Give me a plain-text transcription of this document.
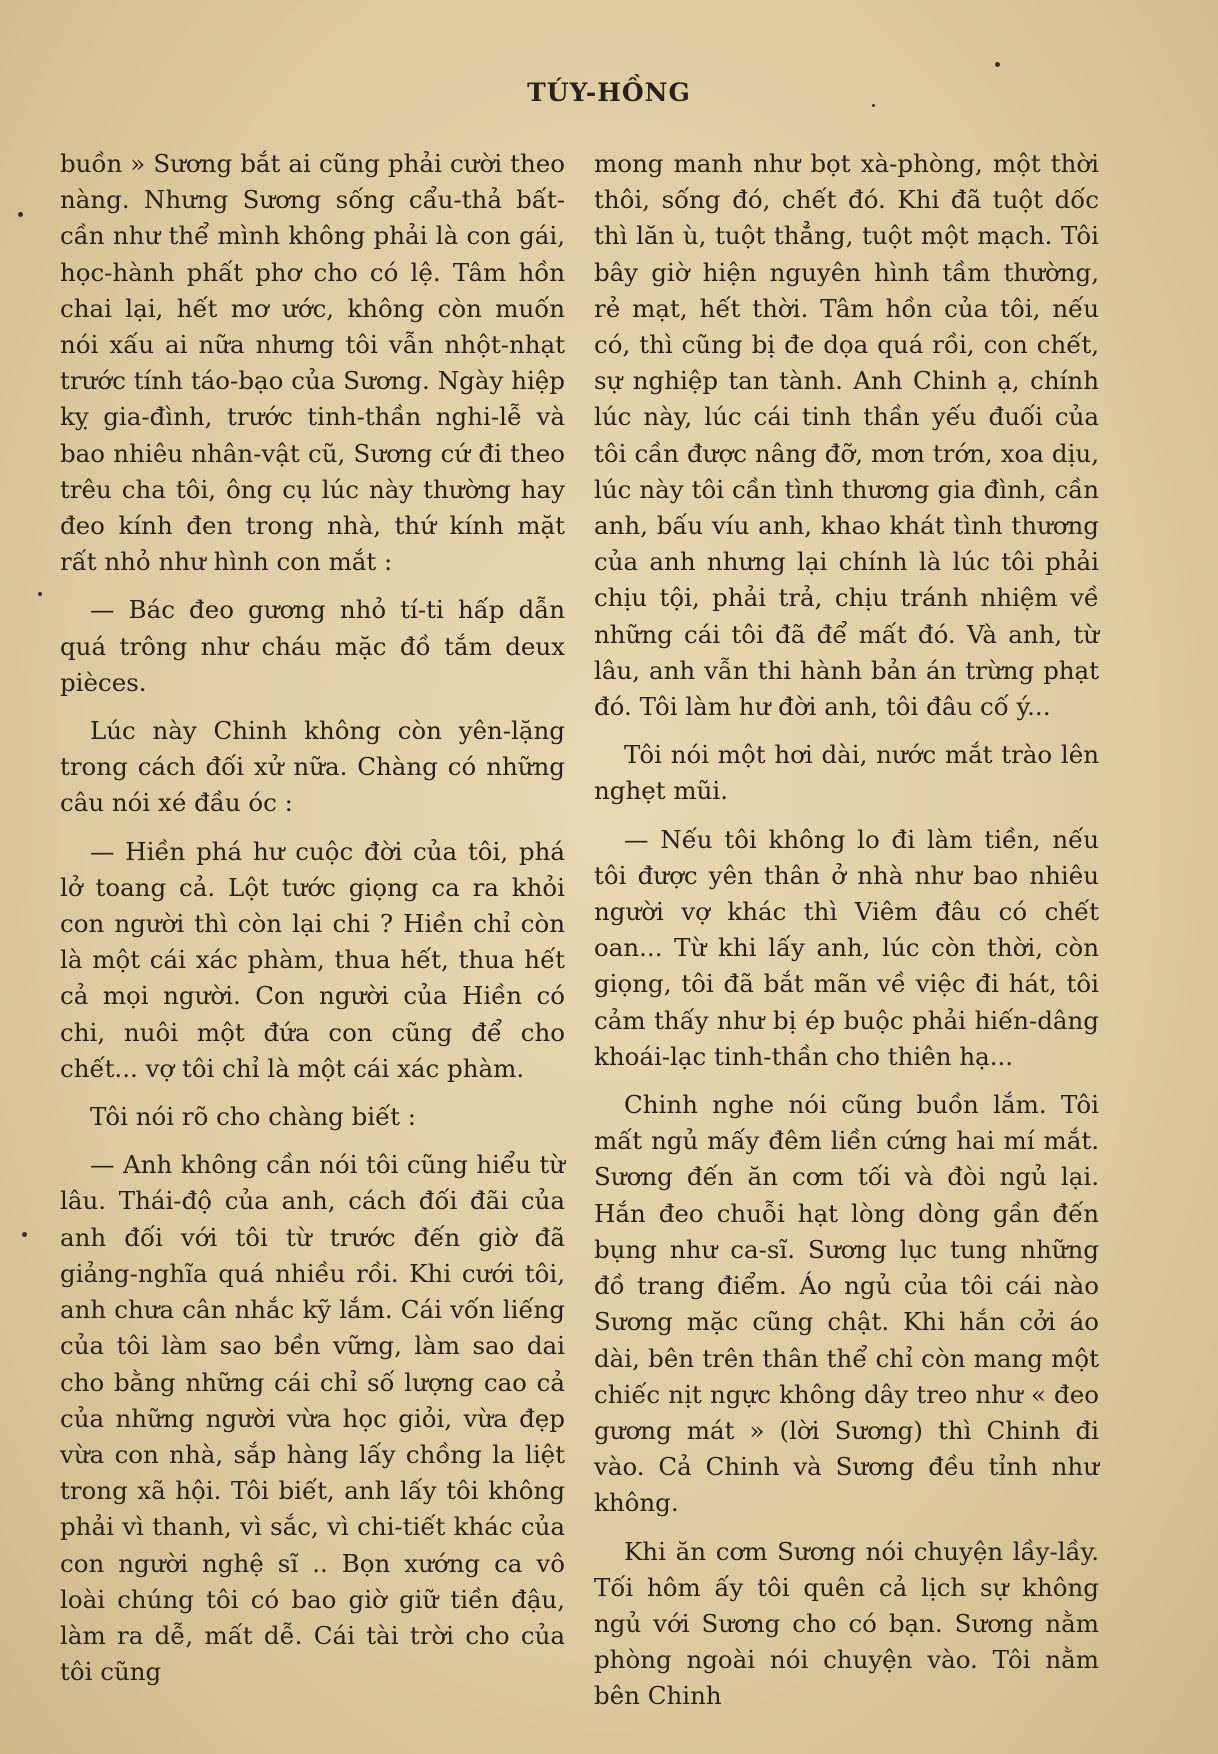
TÚY-HỒNG

buồn » Sương bắt ai cũng phải cười theo nàng. Nhưng Sương sống cẩu-thả bất-cần như thể mình không phải là con gái, học-hành phất phơ cho có lệ. Tâm hồn chai lại, hết mơ ước, không còn muốn nói xấu ai nữa nhưng tôi vẫn nhột-nhạt trước tính táo-bạo của Sương. Ngày hiệp kỵ gia-đình, trước tinh-thần nghi-lễ và bao nhiêu nhân-vật cũ, Sương cứ đi theo trêu cha tôi, ông cụ lúc này thường hay đeo kính đen trong nhà, thứ kính mặt rất nhỏ như hình con mắt :

— Bác đeo gương nhỏ tí-ti hấp dẫn quá trông như cháu mặc đồ tắm deux pièces.

Lúc này Chinh không còn yên-lặng trong cách đối xử nữa. Chàng có những câu nói xé đầu óc :

— Hiền phá hư cuộc đời của tôi, phá lở toang cả. Lột tước giọng ca ra khỏi con người thì còn lại chi ? Hiền chỉ còn là một cái xác phàm, thua hết, thua hết cả mọi người. Con người của Hiền có chi, nuôi một đứa con cũng để cho chết... vợ tôi chỉ là một cái xác phàm.

Tôi nói rõ cho chàng biết :

— Anh không cần nói tôi cũng hiểu từ lâu. Thái-độ của anh, cách đối đãi của anh đối với tôi từ trước đến giờ đã giảng-nghĩa quá nhiều rồi. Khi cưới tôi, anh chưa cân nhắc kỹ lắm. Cái vốn liếng của tôi làm sao bền vững, làm sao dai cho bằng những cái chỉ số lượng cao cả của những người vừa học giỏi, vừa đẹp vừa con nhà, sắp hàng lấy chồng la liệt trong xã hội. Tôi biết, anh lấy tôi không phải vì thanh, vì sắc, vì chi-tiết khác của con người nghệ sĩ .. Bọn xướng ca vô loài chúng tôi có bao giờ giữ tiền đậu, làm ra dễ, mất dễ. Cái tài trời cho của tôi cũng

mong manh như bọt xà-phòng, một thời thôi, sống đó, chết đó. Khi đã tuột dốc thì lăn ù, tuột thẳng, tuột một mạch. Tôi bây giờ hiện nguyên hình tầm thường, rẻ mạt, hết thời. Tâm hồn của tôi, nếu có, thì cũng bị đe dọa quá rồi, con chết, sự nghiệp tan tành. Anh Chinh ạ, chính lúc này, lúc cái tinh thần yếu đuối của tôi cần được nâng đỡ, mơn trớn, xoa dịu, lúc này tôi cần tình thương gia đình, cần anh, bấu víu anh, khao khát tình thương của anh nhưng lại chính là lúc tôi phải chịu tội, phải trả, chịu tránh nhiệm về những cái tôi đã để mất đó. Và anh, từ lâu, anh vẫn thi hành bản án trừng phạt đó. Tôi làm hư đời anh, tôi đâu cố ý...

Tôi nói một hơi dài, nước mắt trào lên nghẹt mũi.

— Nếu tôi không lo đi làm tiền, nếu tôi được yên thân ở nhà như bao nhiêu người vợ khác thì Viêm đâu có chết oan... Từ khi lấy anh, lúc còn thời, còn giọng, tôi đã bắt mãn về việc đi hát, tôi cảm thấy như bị ép buộc phải hiến-dâng khoái-lạc tinh-thần cho thiên hạ...

Chinh nghe nói cũng buồn lắm. Tôi mất ngủ mấy đêm liền cứng hai mí mắt. Sương đến ăn cơm tối và đòi ngủ lại. Hắn đeo chuỗi hạt lòng dòng gần đến bụng như ca-sĩ. Sương lục tung những đồ trang điểm. Áo ngủ của tôi cái nào Sương mặc cũng chật. Khi hắn cởi áo dài, bên trên thân thể chỉ còn mang một chiếc nịt ngực không dây treo như « đeo gương mát » (lời Sương) thì Chinh đi vào. Cả Chinh và Sương đều tỉnh như không.

Khi ăn cơm Sương nói chuyện lầy-lầy. Tối hôm ấy tôi quên cả lịch sự không ngủ với Sương cho có bạn. Sương nằm phòng ngoài nói chuyện vào. Tôi nằm bên Chinh
